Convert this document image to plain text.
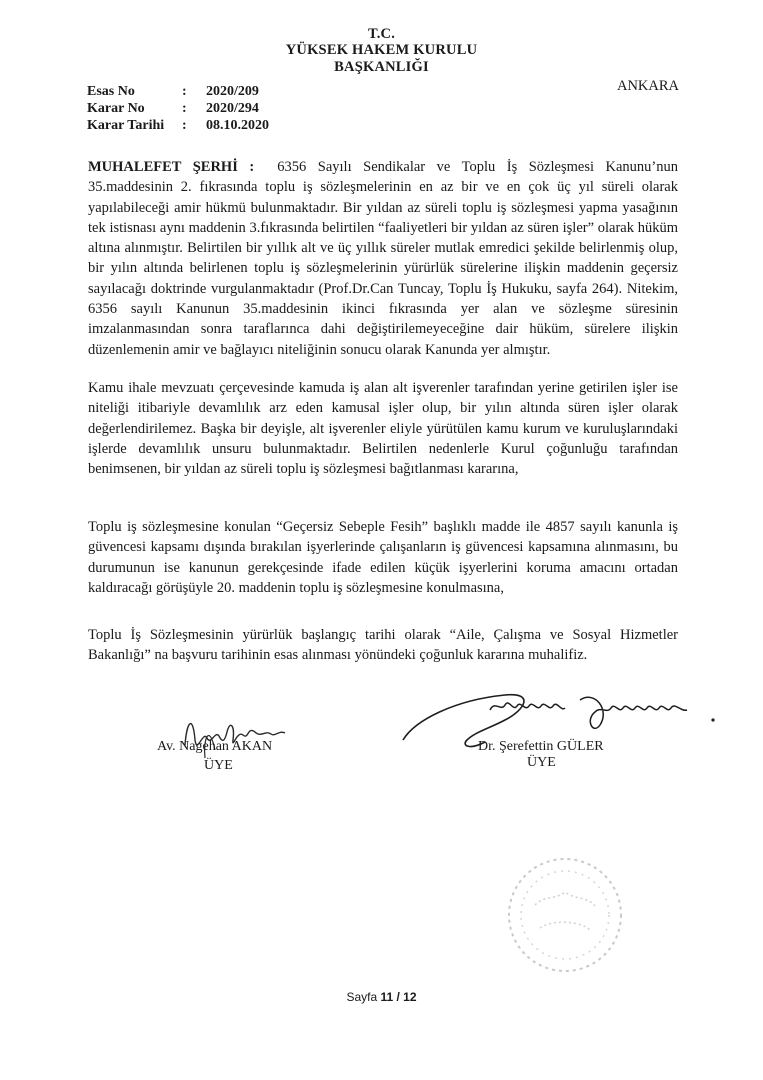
T.C.
YÜKSEK HAKEM KURULU
BAŞKANLIĞI
Esas No	: 2020/209
Karar No	: 2020/294
Karar Tarihi : 08.10.2020
ANKARA
MUHALEFET ŞERHİ : 6356 Sayılı Sendikalar ve Toplu İş Sözleşmesi Kanunu’nun 35.maddesinin 2. fıkrasında toplu iş sözleşmelerinin en az bir ve en çok üç yıl süreli olarak yapılabileceği amir hükmü bulunmaktadır. Bir yıldan az süreli toplu iş sözleşmesi yapma yasağının tek istisnası aynı maddenin 3.fıkrasında belirtilen “faaliyetleri bir yıldan az süren işler” olarak hüküm altına alınmıştır. Belirtilen bir yıllık alt ve üç yıllık süreler mutlak emredici şekilde belirlenmiş olup, bir yılın altında belirlenen toplu iş sözleşmelerinin yürürlük sürelerine ilişkin maddenin geçersiz sayılacağı doktrinde vurgulanmaktadır (Prof.Dr.Can Tuncay, Toplu İş Hukuku, sayfa 264). Nitekim, 6356 sayılı Kanunun 35.maddesinin ikinci fıkrasında yer alan ve sözleşme süresinin imzalanmasından sonra taraflarınca dahi değiştirilemeyeceğine dair hüküm, sürelere ilişkin düzenlemenin amir ve bağlayıcı niteliğinin sonucu olarak Kanunda yer almıştır.
Kamu ihale mevzuatı çerçevesinde kamuda iş alan alt işverenler tarafından yerine getirilen işler ise niteliği itibariyle devamlılık arz eden kamusal işler olup, bir yılın altında süren işler olarak değerlendirilemez. Başka bir deyişle, alt işverenler eliyle yürütülen kamu kurum ve kuruluşlarındaki işlerde devamlılık unsuru bulunmaktadır. Belirtilen nedenlerle Kurul çoğunluğu tarafından benimsenen, bir yıldan az süreli toplu iş sözleşmesi bağıtlanması kararına,
Toplu iş sözleşmesine konulan “Geçersiz Sebeple Fesih” başlıklı madde ile 4857 sayılı kanunla iş güvencesi kapsamı dışında bırakılan işyerlerinde çalışanların iş güvencesi kapsamına alınmasını, bu durumunun ise kanunun gerekçesinde ifade edilen küçük işyerlerini koruma amacını ortadan kaldıracağı görüşüyle 20. maddenin toplu iş sözleşmesine konulmasına,
Toplu İş Sözleşmesinin yürürlük başlangıç tarihi olarak “Aile, Çalışma ve Sosyal Hizmetler Bakanlığı” na başvuru tarihinin esas alınması yönündeki çoğunluk kararına muhalifiz.
Av. Nagehan AKAN
ÜYE
Dr. Şerefettin GÜLER
ÜYE
Sayfa 11 / 12
